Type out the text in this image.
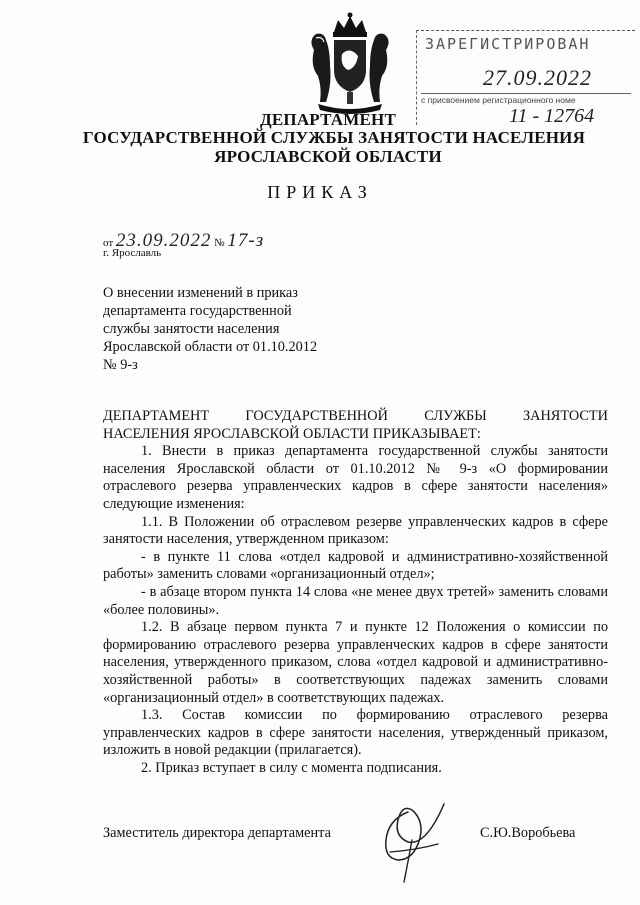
ЗАРЕГИСТРИРОВАН
27.09.2022
с присвоением регистрационного номе
11 - 12764
ДЕПАРТАМЕНТ
ГОСУДАРСТВЕННОЙ СЛУЖБЫ ЗАНЯТОСТИ НАСЕЛЕНИЯ
ЯРОСЛАВСКОЙ ОБЛАСТИ
ПРИКАЗ
от 23.09.2022 № 17-з
г. Ярославль
О внесении изменений в приказ
департамента государственной
службы занятости населения
Ярославской области от 01.10.2012
№ 9-з
ДЕПАРТАМЕНТ	ГОСУДАРСТВЕННОЙ	СЛУЖБЫ	ЗАНЯТОСТИ
НАСЕЛЕНИЯ ЯРОСЛАВСКОЙ ОБЛАСТИ ПРИКАЗЫВАЕТ:

1. Внести в приказ департамента государственной службы занятости населения Ярославской области от 01.10.2012 № 9-з «О формировании отраслевого резерва управленческих кадров в сфере занятости населения» следующие изменения:

1.1. В Положении об отраслевом резерве управленческих кадров в сфере занятости населения, утвержденном приказом:

- в пункте 11 слова «отдел кадровой и административно-хозяйственной работы» заменить словами «организационный отдел»;

- в абзаце втором пункта 14 слова «не менее двух третей» заменить словами «более половины».

1.2. В абзаце первом пункта 7 и пункте 12 Положения о комиссии по формированию отраслевого резерва управленческих кадров в сфере занятости населения, утвержденного приказом, слова «отдел кадровой и административно-хозяйственной работы» в соответствующих падежах заменить словами «организационный отдел» в соответствующих падежах.

1.3. Состав комиссии по формированию отраслевого резерва управленческих кадров в сфере занятости населения, утвержденный приказом, изложить в новой редакции (прилагается).

2. Приказ вступает в силу с момента подписания.

Заместитель директора департамента	С.Ю.Воробьева
